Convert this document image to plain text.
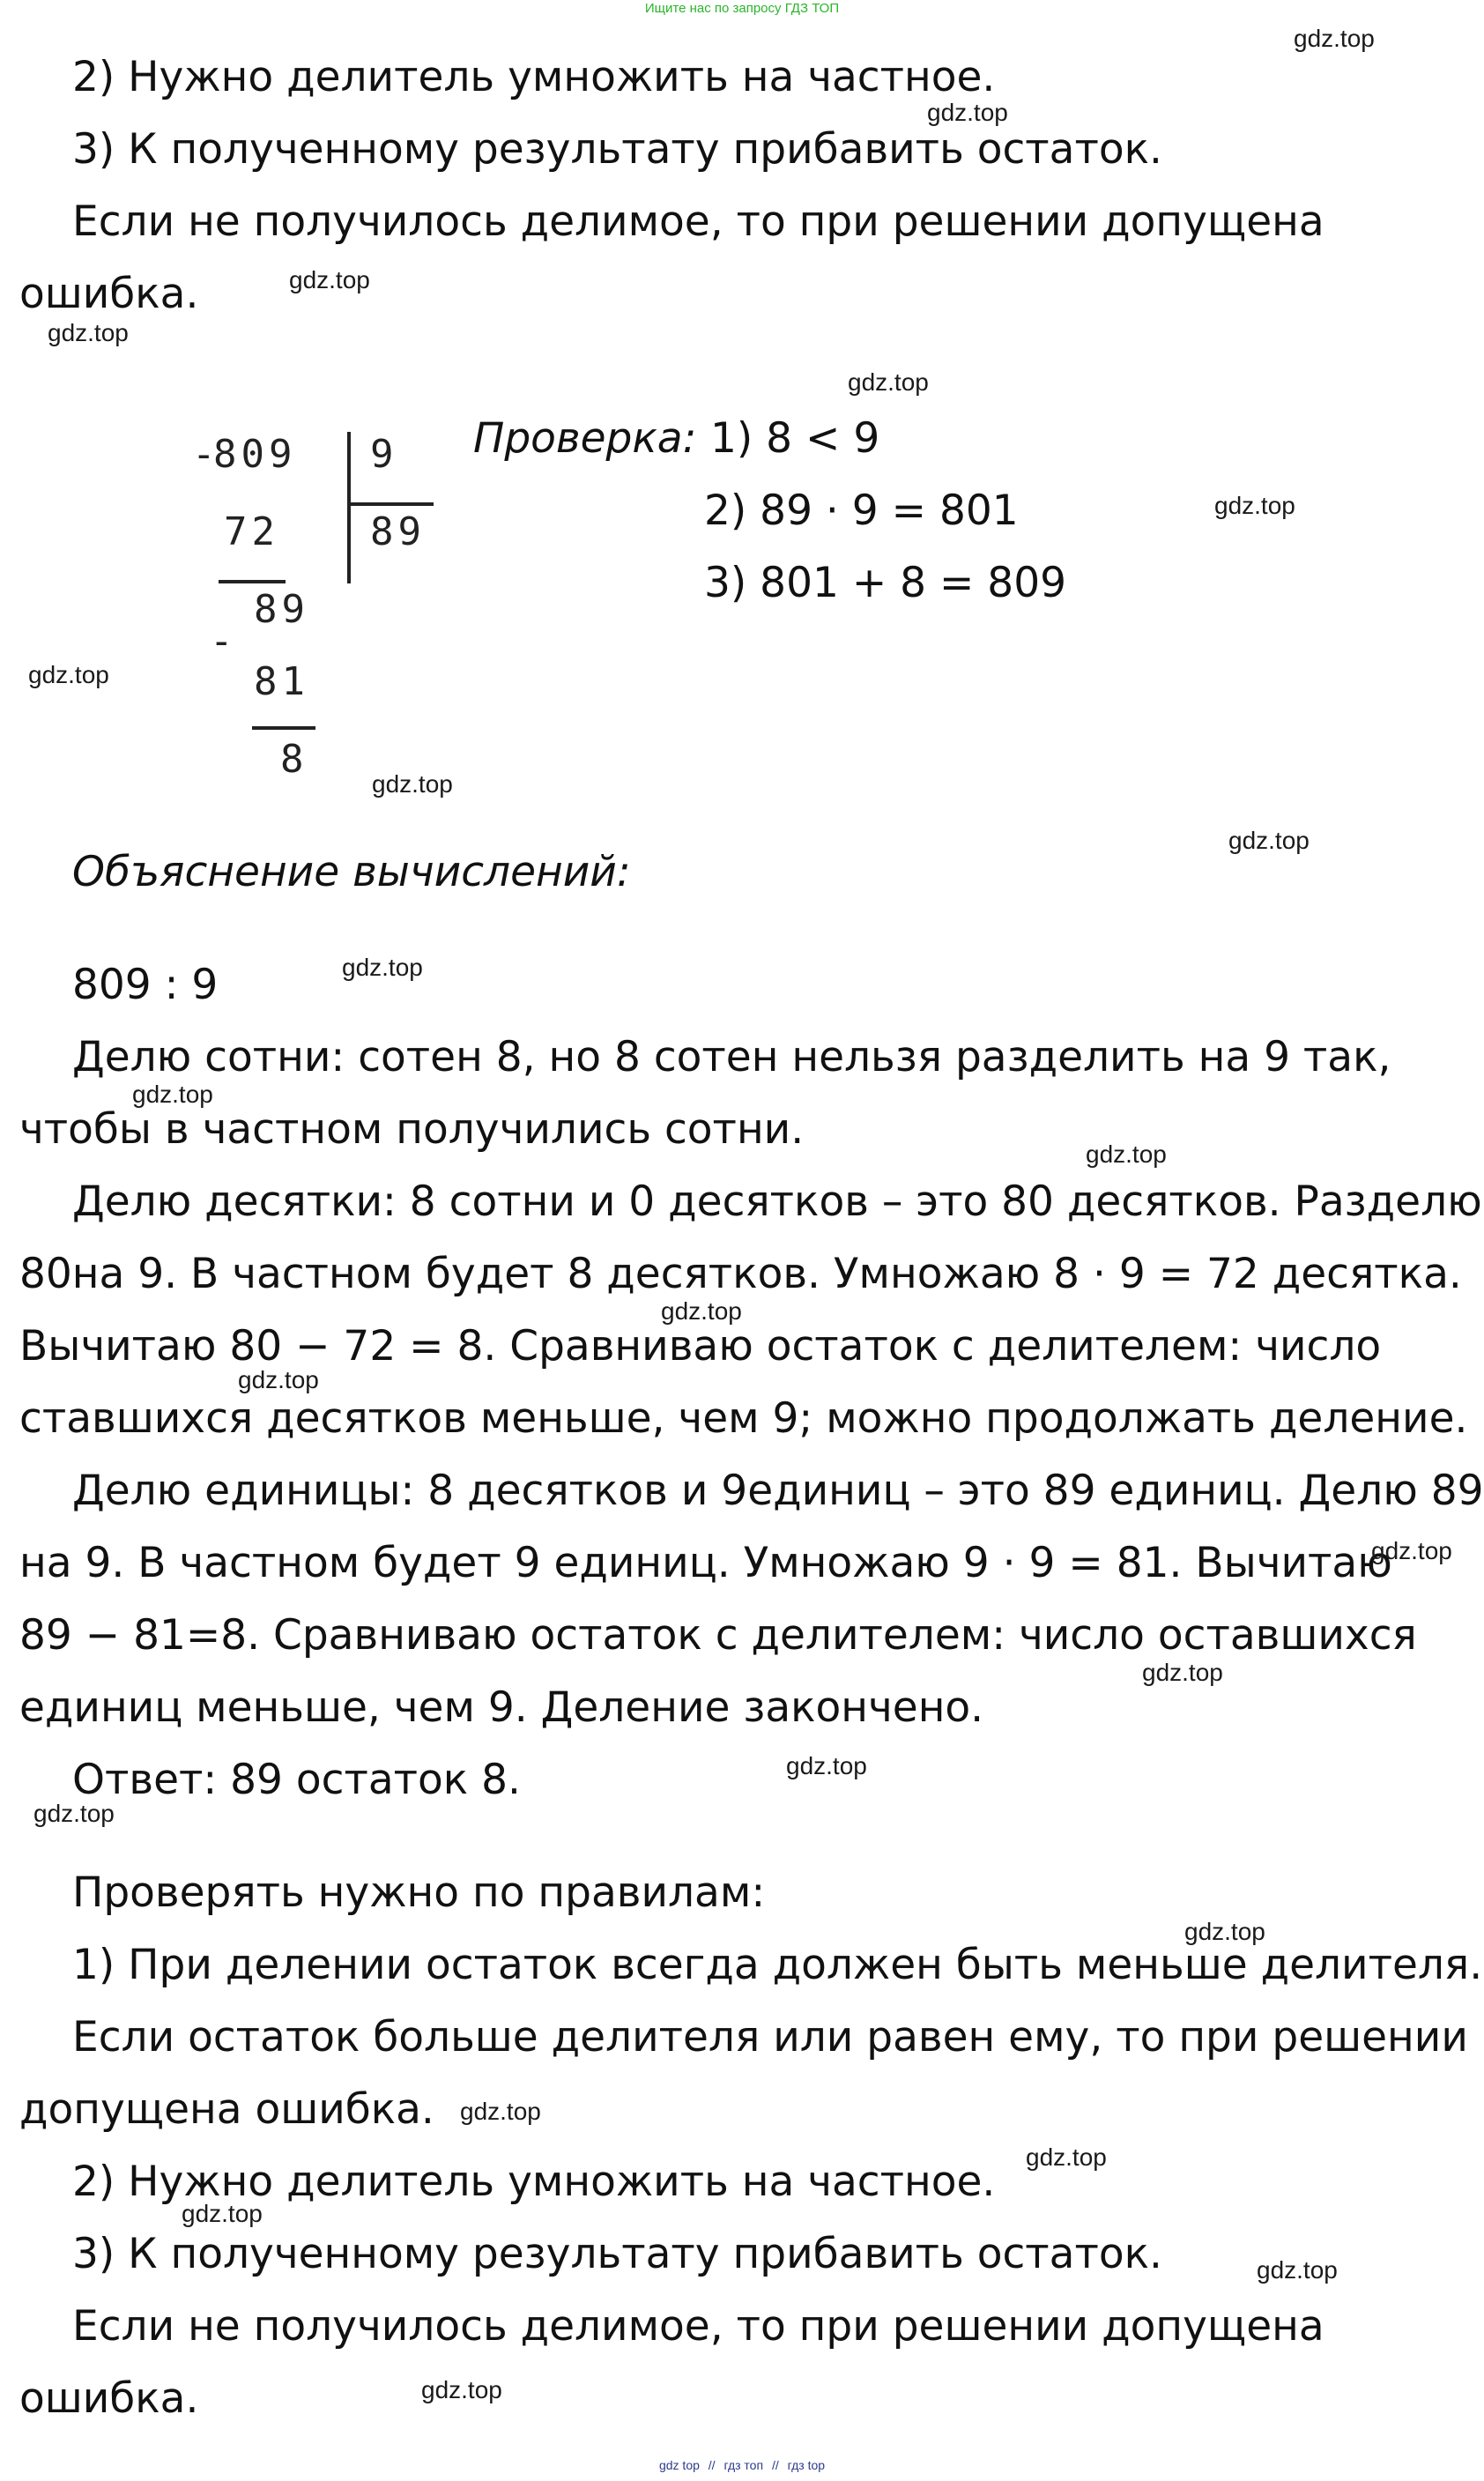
Ищите нас по запросу ГДЗ ТОП

2) Нужно делитель умножить на частное.

3) К полученному результату прибавить остаток.

Если не получилось делимое, то при решении допущена

ошибка.

-
809 9
89
72
-
89
81
8
Проверка: 1) 8 < 9
2) 89 · 9 = 801
3) 801 + 8 = 809

Объяснение вычислений:

809 : 9

Делю сотни: сотен 8, но 8 сотен нельзя разделить на 9 так,

чтобы в частном получились сотни.

Делю десятки: 8 сотни и 0 десятков – это 80 десятков. Разделю

80на 9. В частном будет 8 десятков. Умножаю 8 · 9 = 72 десятка.

Вычитаю 80 − 72 = 8. Сравниваю остаток с делителем: число

ставшихся десятков меньше, чем 9; можно продолжать деление.

Делю единицы: 8 десятков и 9единиц – это 89 единиц. Делю 89

на 9. В частном будет 9 единиц. Умножаю 9 · 9 = 81. Вычитаю

89 − 81=8. Сравниваю остаток с делителем: число оставшихся

единиц меньше, чем 9. Деление закончено.

Ответ: 89 остаток 8.

Проверять нужно по правилам:

1) При делении остаток всегда должен быть меньше делителя.

Если остаток больше делителя или равен ему, то при решении

допущена ошибка.

2) Нужно делитель умножить на частное.

3) К полученному результату прибавить остаток.

Если не получилось делимое, то при решении допущена

ошибка.

gdz.top
gdz.top
gdz.top
gdz.top
gdz.top
gdz.top
gdz.top
gdz.top
gdz.top
gdz.top
gdz.top
gdz.top
gdz.top
gdz.top
gdz.top
gdz.top
gdz.top
gdz.top
gdz.top
gdz.top
gdz.top
gdz.top
gdz.top
gdz.top
gdz top // гдз топ // гдз top
